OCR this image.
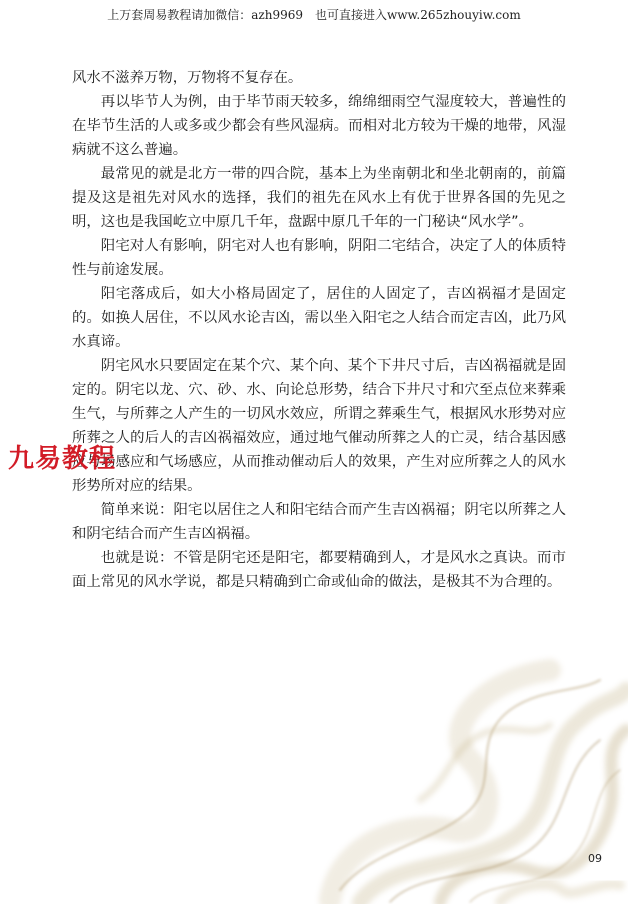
上万套周易教程请加微信：azh9969　也可直接进入www.265zhouyiw.com

风水不滋养万物，万物将不复存在。

再以毕节人为例，由于毕节雨天较多，绵绵细雨空气湿度较大，普遍性的在毕节生活的人或多或少都会有些风湿病。而相对北方较为干燥的地带，风湿病就不这么普遍。

最常见的就是北方一带的四合院，基本上为坐南朝北和坐北朝南的，前篇提及这是祖先对风水的选择，我们的祖先在风水上有优于世界各国的先见之明，这也是我国屹立中原几千年，盘踞中原几千年的一门秘诀“风水学”。

阳宅对人有影响，阴宅对人也有影响，阴阳二宅结合，决定了人的体质特性与前途发展。

阳宅落成后，如大小格局固定了，居住的人固定了，吉凶祸福才是固定的。如换人居住，不以风水论吉凶，需以坐入阳宅之人结合而定吉凶，此乃风水真谛。

阴宅风水只要固定在某个穴、某个向、某个下井尺寸后，吉凶祸福就是固定的。阴宅以龙、穴、砂、水、向论总形势，结合下井尺寸和穴至点位来葬乘生气，与所葬之人产生的一切风水效应，所谓之葬乘生气，根据风水形势对应所葬之人的后人的吉凶祸福效应，通过地气催动所葬之人的亡灵，结合基因感应与场感应和气场感应，从而推动催动后人的效果，产生对应所葬之人的风水形势所对应的结果。

简单来说：阳宅以居住之人和阳宅结合而产生吉凶祸福；阴宅以所葬之人和阴宅结合而产生吉凶祸福。

也就是说：不管是阴宅还是阳宅，都要精确到人，才是风水之真诀。而市面上常见的风水学说，都是只精确到亡命或仙命的做法，是极其不为合理的。

九易教程
09
